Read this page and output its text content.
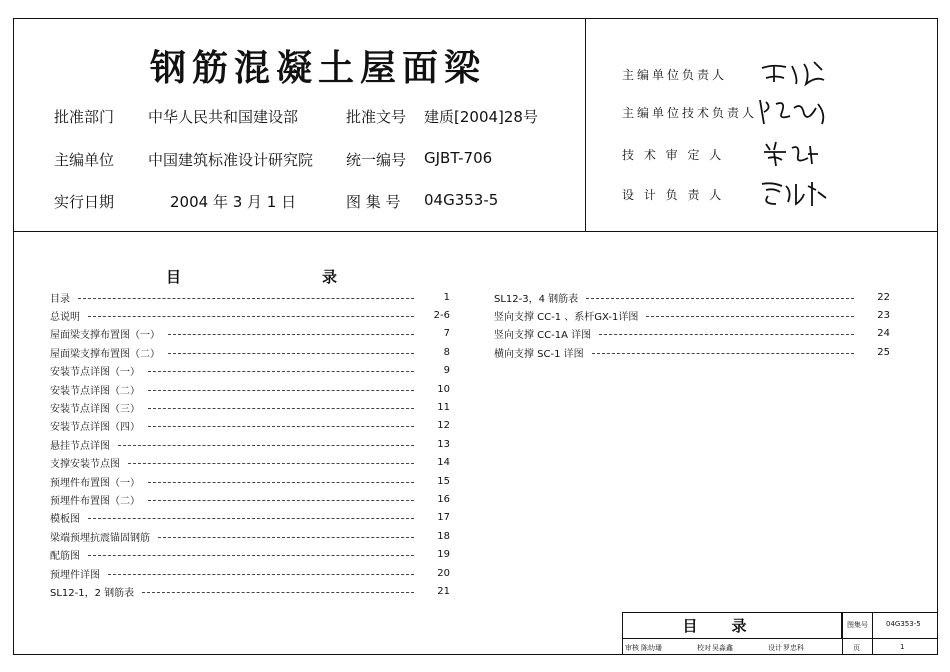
钢筋混凝土屋面梁
批准部门 中华人民共和国建设部	批准文号 建质[2004]28号
主编单位 中国建筑标准设计研究院 统一编号 GJBT-706
实行日期	2004 年 3 月 1 日	图 集 号 04G353-5
主编单位负责人
主编单位技术负责人
技 术 审 定 人
设 计 负 责 人
目	录
目录	1
总说明	2-6
屋面梁支撑布置图（一）	7
屋面梁支撑布置图（二）	8
安装节点详图（一）	9
安装节点详图（二）	10
安装节点详图（三）	11
安装节点详图（四）	12
悬挂节点详图	13
支撑安装节点图	14
预埋件布置图（一）	15
预埋件布置图（二）	16
模板图	17
梁端预埋抗震锚固钢筋	18
配筋图	19
预埋件详图	20
SL12-1，2 钢筋表	21
SL12-3，4 钢筋表	22
竖向支撑 CC-1 、系杆GX-1详图	23
竖向支撑 CC-1A 详图	24
横向支撑 SC-1 详图	25
目录	图集号	04G353-5
审核 陈幼璠	校对 吴淼鑫	设计 罗忠科	页	1
